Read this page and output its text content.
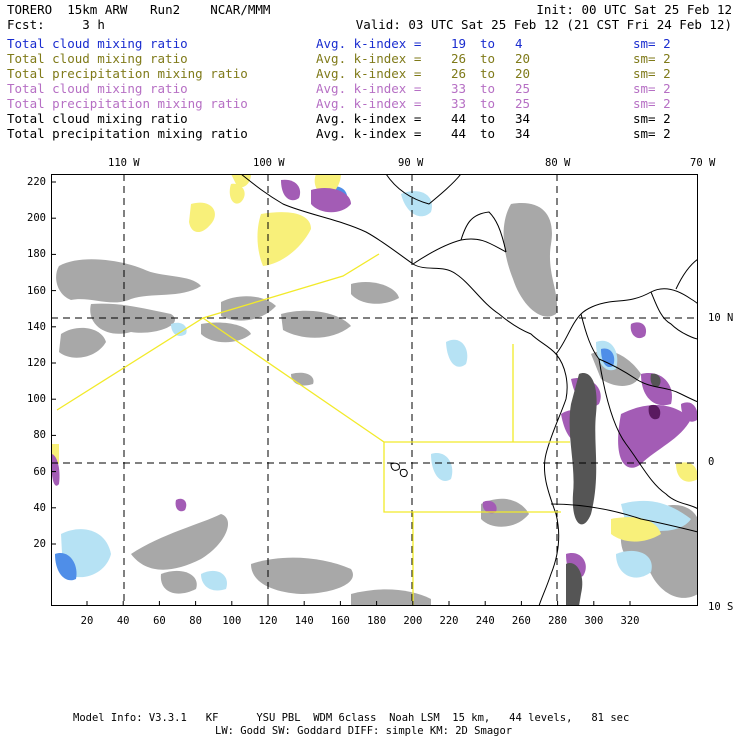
TORERO 15km ARW Run2 NCAR/MMM	Init: 00 UTC Sat 25 Feb 12
Fcst:	3 h	Valid: 03 UTC Sat 25 Feb 12 (21 CST Fri 24 Feb 12)
Total cloud mixing ratio	Avg. k-index = 19 to 4	sm= 2
Total cloud mixing ratio	Avg. k-index = 26 to 20	sm= 2
Total precipitation mixing ratio	Avg. k-index = 26 to 20	sm= 2
Total cloud mixing ratio	Avg. k-index = 33 to 25	sm= 2
Total precipitation mixing ratio	Avg. k-index = 33 to 25	sm= 2
Total cloud mixing ratio	Avg. k-index = 44 to 34	sm= 2
Total precipitation mixing ratio	Avg. k-index = 44 to 34	sm= 2
110 W	100 W	90 W	80 W	70 W
10 N
0
10 S
220
200
180
160
140
120
100
80
60
40
20
20	40	60	80	100	120	140	160	180	200	220	240	260	280	300	320
Model Info: V3.3.1   KF      YSU PBL  WDM 6class  Noah LSM  15 km,   44 levels,   81 sec
LW: Godd SW: Goddard DIFF: simple KM: 2D Smagor
